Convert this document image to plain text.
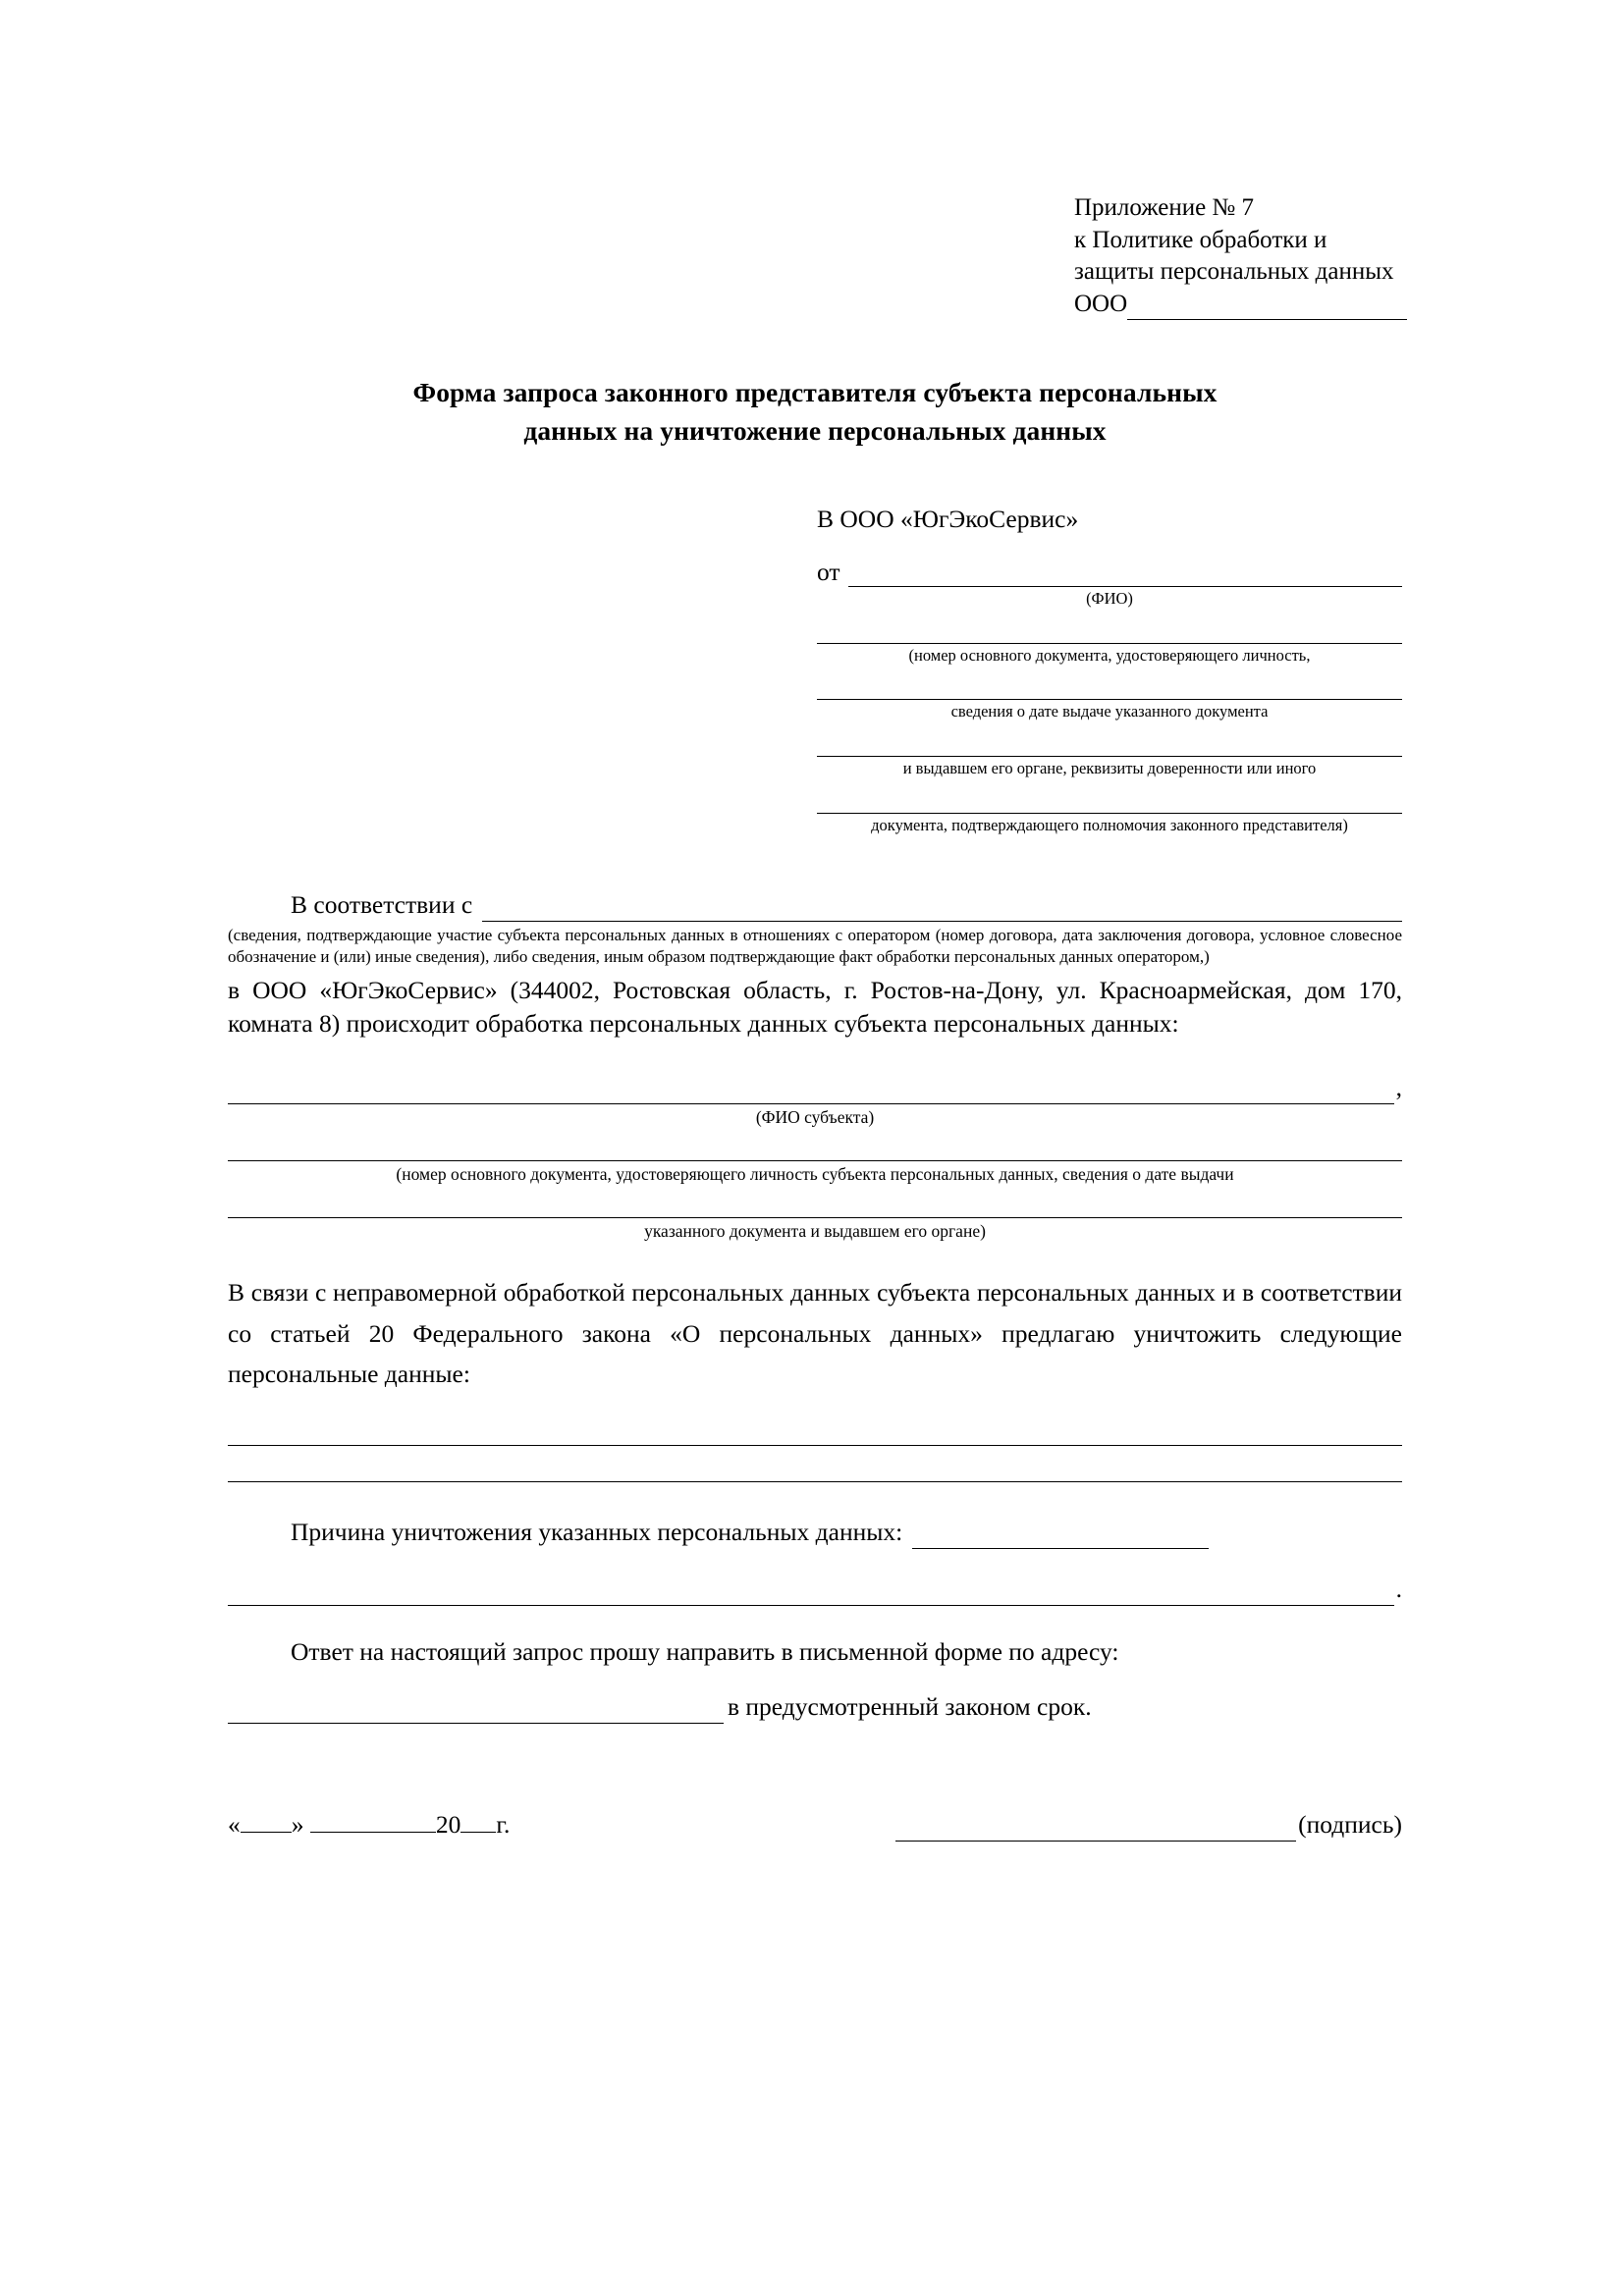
Приложение № 7
к Политике обработки и
защиты персональных данных
ООО
Форма запроса законного представителя субъекта персональных
данных на уничтожение персональных данных
В ООО «ЮгЭкоСервис»
от
(ФИО)
(номер основного документа, удостоверяющего личность,
сведения о дате выдаче указанного документа
и выдавшем его органе, реквизиты доверенности или иного
документа, подтверждающего полномочия законного представителя)
В соответствии с
(сведения, подтверждающие участие субъекта персональных данных в отношениях с оператором (номер договора, дата заключения договора, условное словесное обозначение и (или) иные сведения), либо сведения, иным образом подтверждающие факт обработки персональных данных оператором,)
в ООО «ЮгЭкоСервис» (344002, Ростовская область, г. Ростов-на-Дону, ул. Красноармейская, дом 170, комната 8) происходит обработка персональных данных субъекта персональных данных:
,
(ФИО субъекта)
(номер основного документа, удостоверяющего личность субъекта персональных данных, сведения о дате выдачи
указанного документа и выдавшем его органе)
В связи с неправомерной обработкой персональных данных субъекта персональных данных и в соответствии со статьей 20 Федерального закона «О персональных данных» предлагаю уничтожить следующие персональные данные:
Причина уничтожения указанных персональных данных:
.
Ответ на настоящий запрос прошу направить в письменной форме по адресу:
в предусмотренный законом срок.
« »	20 г.	(подпись)
